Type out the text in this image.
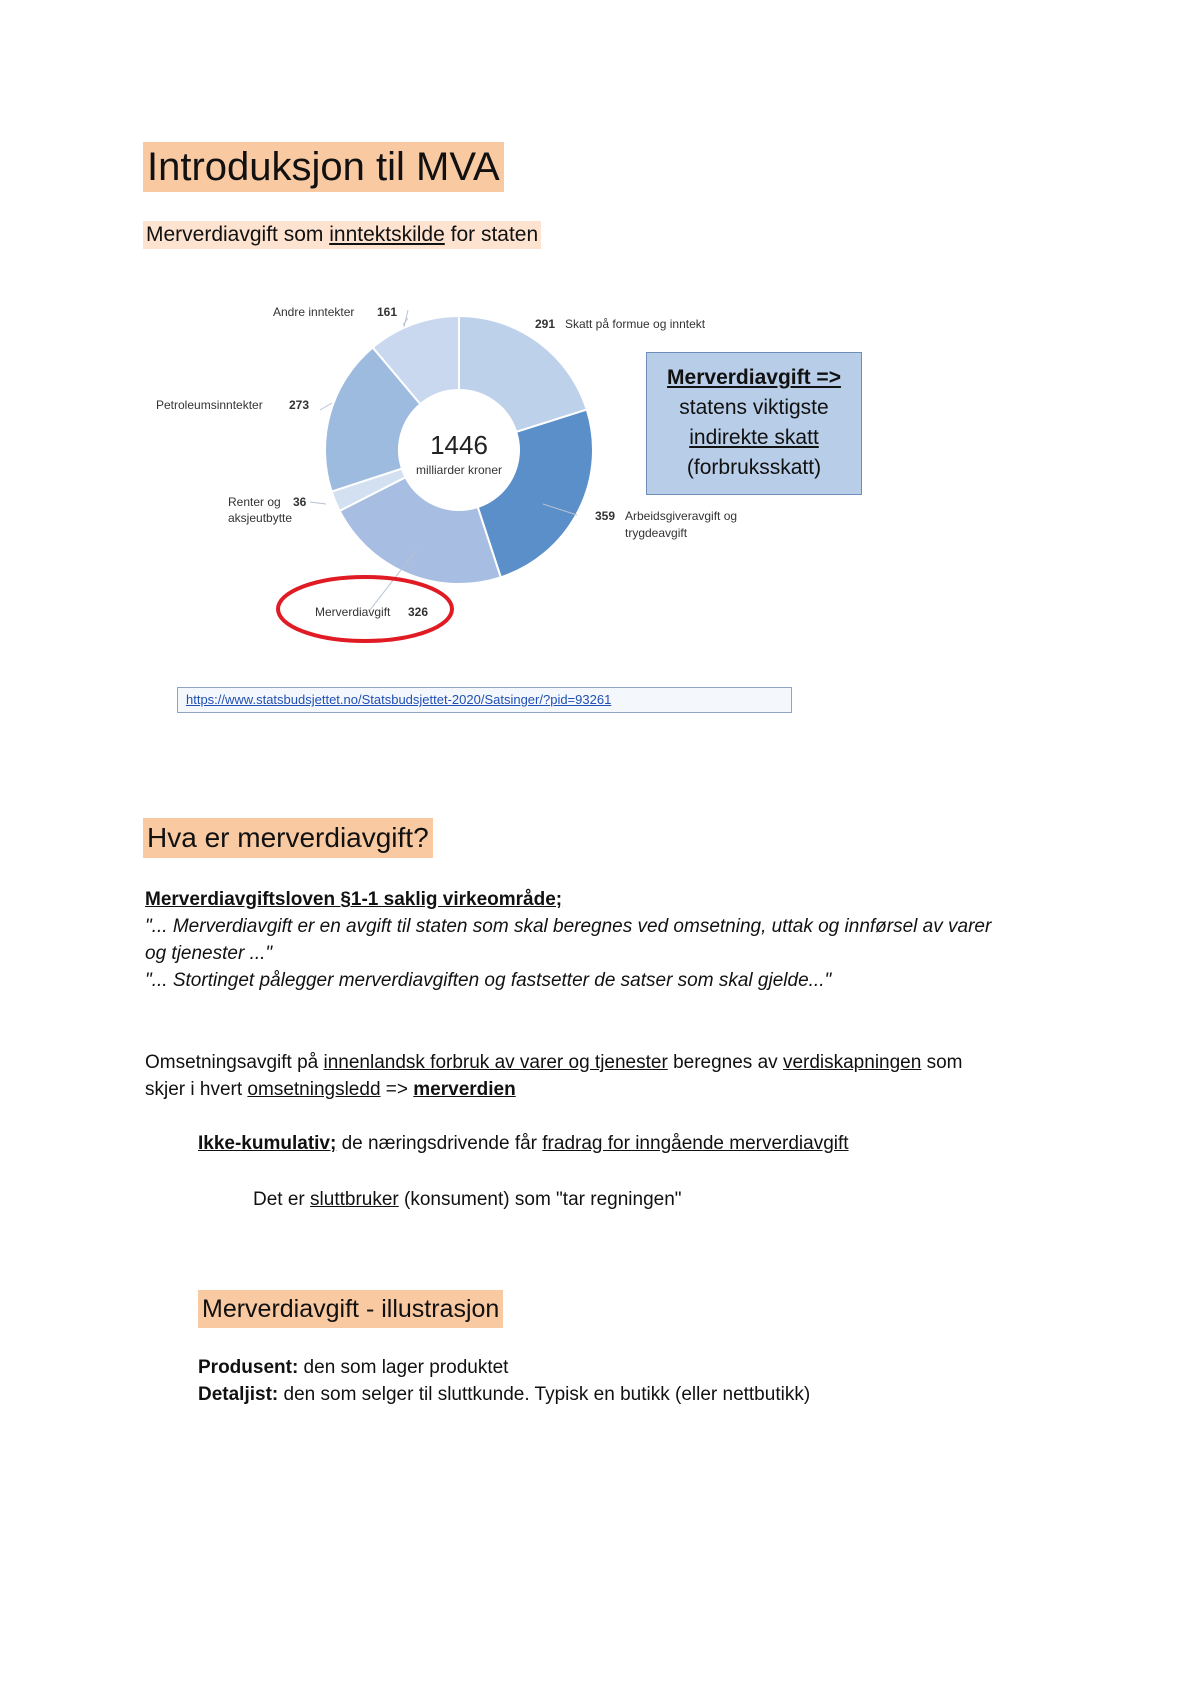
Introduksjon til MVA
Merverdiavgift som inntektskilde for staten
1446
milliarder kroner
291 Skatt på formue og inntekt
359 Arbeidsgiveravgift og
trygdeavgift
Merverdiavgift 326
Renter og 36
aksjeutbytte
Petroleumsinntekter 273
Andre inntekter 161
Merverdiavgift =>
statens viktigste
indirekte skatt
(forbruksskatt)
https://www.statsbudsjettet.no/Statsbudsjettet-2020/Satsinger/?pid=93261
Hva er merverdiavgift?
Merverdiavgiftsloven §1-1 saklig virkeområde;
"... Merverdiavgift er en avgift til staten som skal beregnes ved omsetning, uttak og innførsel av varer
og tjenester ..."
"... Stortinget pålegger merverdiavgiften og fastsetter de satser som skal gjelde..."
Omsetningsavgift på innenlandsk forbruk av varer og tjenester beregnes av verdiskapningen som
skjer i hvert omsetningsledd => merverdien
Ikke-kumulativ; de næringsdrivende får fradrag for inngående merverdiavgift
Det er sluttbruker (konsument) som "tar regningen"
Merverdiavgift - illustrasjon
Produsent: den som lager produktet
Detaljist: den som selger til sluttkunde. Typisk en butikk (eller nettbutikk)
